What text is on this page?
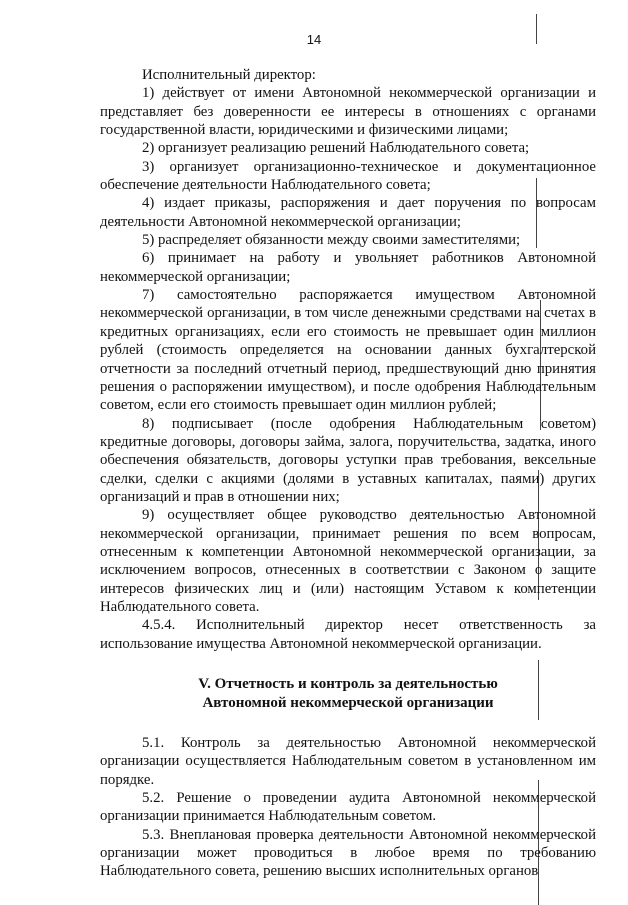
14

Исполнительный директор:

1) действует от имени Автономной некоммерческой организации и представляет без доверенности ее интересы в отношениях с органами государственной власти, юридическими и физическими лицами;

2) организует реализацию решений Наблюдательного совета;

3) организует организационно-техническое и документационное обеспечение деятельности Наблюдательного совета;

4) издает приказы, распоряжения и дает поручения по вопросам деятельности Автономной некоммерческой организации;

5) распределяет обязанности между своими заместителями;

6) принимает на работу и увольняет работников Автономной некоммерческой организации;

7) самостоятельно распоряжается имуществом Автономной некоммерческой организации, в том числе денежными средствами на счетах в кредитных организациях, если его стоимость не превышает один миллион рублей (стоимость определяется на основании данных бухгалтерской отчетности за последний отчетный период, предшествующий дню принятия решения о распоряжении имуществом), и после одобрения Наблюдательным советом, если его стоимость превышает один миллион рублей;

8) подписывает (после одобрения Наблюдательным советом) кредитные договоры, договоры займа, залога, поручительства, задатка, иного обеспечения обязательств, договоры уступки прав требования, вексельные сделки, сделки с акциями (долями в уставных капиталах, паями) других организаций и прав в отношении них;

9) осуществляет общее руководство деятельностью Автономной некоммерческой организации, принимает решения по всем вопросам, отнесенным к компетенции Автономной некоммерческой организации, за исключением вопросов, отнесенных в соответствии с Законом о защите интересов физических лиц и (или) настоящим Уставом к компетенции Наблюдательного совета.

4.5.4. Исполнительный директор несет ответственность за использование имущества Автономной некоммерческой организации.

V. Отчетность и контроль за деятельностью
Автономной некоммерческой организации

5.1. Контроль за деятельностью Автономной некоммерческой организации осуществляется Наблюдательным советом в установленном им порядке.

5.2. Решение о проведении аудита Автономной некоммерческой организации принимается Наблюдательным советом.

5.3. Внеплановая проверка деятельности Автономной некоммерческой организации может проводиться в любое время по требованию Наблюдательного совета, решению высших исполнительных органов
